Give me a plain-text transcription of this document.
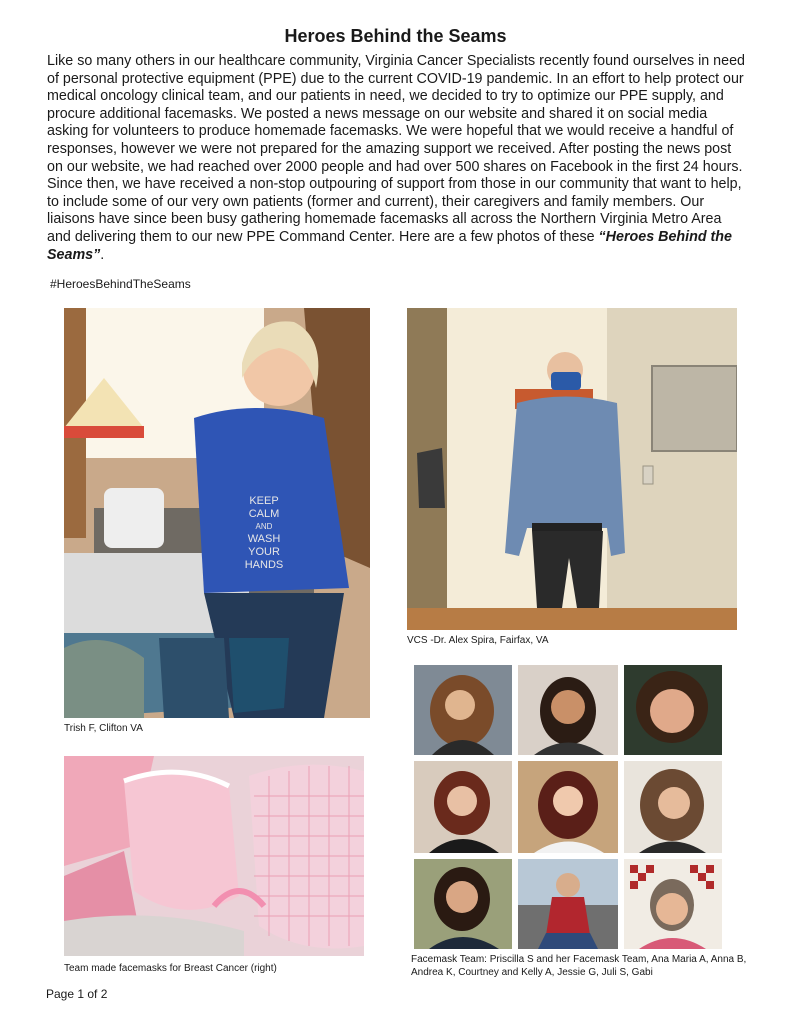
Heroes Behind the Seams

Like so many others in our healthcare community, Virginia Cancer Specialists recently found ourselves in need of personal protective equipment (PPE) due to the current COVID-19 pandemic. In an effort to help protect our medical oncology clinical team, and our patients in need, we decided to try to optimize our PPE supply, and procure additional facemasks. We posted a news message on our website and shared it on social media asking for volunteers to produce homemade facemasks. We were hopeful that we would receive a handful of responses, however we were not prepared for the amazing support we received. After posting the news post on our website, we had reached over 2000 people and had over 500 shares on Facebook in the first 24 hours. Since then, we have received a non-stop outpouring of support from those in our community that want to help, to include some of our very own patients (former and current), their caregivers and family members. Our liaisons have since been busy gathering homemade facemasks all across the Northern Virginia Metro Area and delivering them to our new PPE Command Center. Here are a few photos of these “Heroes Behind the Seams”.

#HeroesBehindTheSeams
KEEP
CALM
AND
WASH
YOUR
HANDS
Trish F, Clifton VA
VCS -Dr. Alex Spira, Fairfax, VA
Team made facemasks for Breast Cancer (right)
Facemask Team: Priscilla S and her Facemask Team, Ana Maria A, Anna B, Andrea K, Courtney and Kelly A, Jessie G, Juli S, Gabi
Page 1 of 2
